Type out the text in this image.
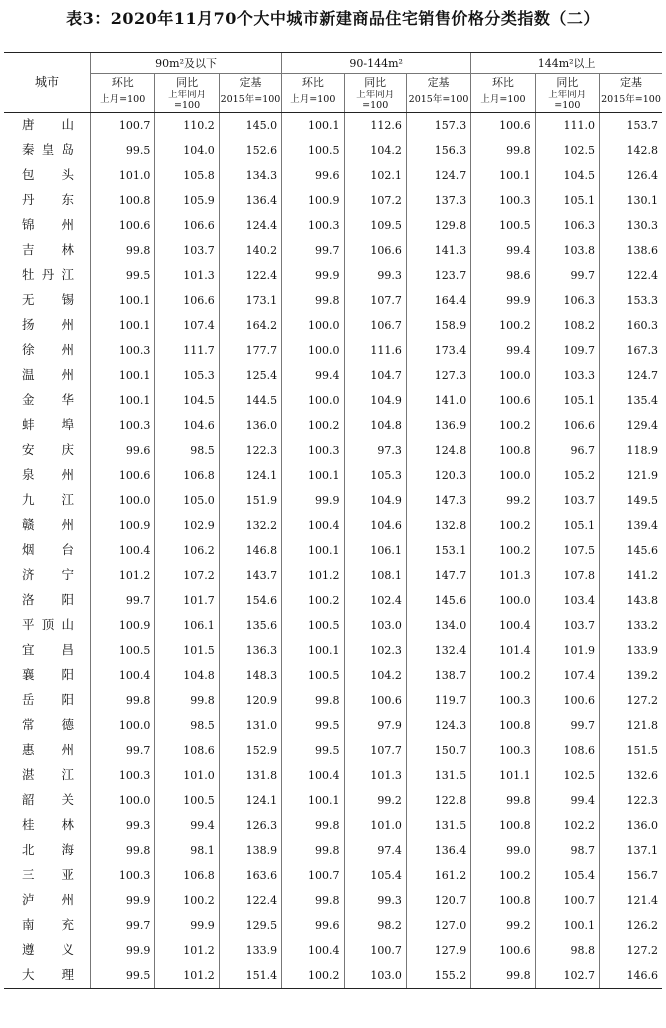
表3：2020年11月70个大中城市新建商品住宅销售价格分类指数（二）
城市	90m²及以下			90-144m²			144m²以上		
	环比	同比	定基	环比	同比	定基	环比	同比	定基
	上月=100	上年同月=100	2015年=100	上月=100	上年同月=100	2015年=100	上月=100	上年同月=100	2015年=100
唐山	100.7	110.2	145.0	100.1	112.6	157.3	100.6	111.0	153.7
秦皇岛	99.5	104.0	152.6	100.5	104.2	156.3	99.8	102.5	142.8
包头	101.0	105.8	134.3	99.6	102.1	124.7	100.1	104.5	126.4
丹东	100.8	105.9	136.4	100.9	107.2	137.3	100.3	105.1	130.1
锦州	100.6	106.6	124.4	100.3	109.5	129.8	100.5	106.3	130.3
吉林	99.8	103.7	140.2	99.7	106.6	141.3	99.4	103.8	138.6
牡丹江	99.5	101.3	122.4	99.9	99.3	123.7	98.6	99.7	122.4
无锡	100.1	106.6	173.1	99.8	107.7	164.4	99.9	106.3	153.3
扬州	100.1	107.4	164.2	100.0	106.7	158.9	100.2	108.2	160.3
徐州	100.3	111.7	177.7	100.0	111.6	173.4	99.4	109.7	167.3
温州	100.1	105.3	125.4	99.4	104.7	127.3	100.0	103.3	124.7
金华	100.1	104.5	144.5	100.0	104.9	141.0	100.6	105.1	135.4
蚌埠	100.3	104.6	136.0	100.2	104.8	136.9	100.2	106.6	129.4
安庆	99.6	98.5	122.3	100.3	97.3	124.8	100.8	96.7	118.9
泉州	100.6	106.8	124.1	100.1	105.3	120.3	100.0	105.2	121.9
九江	100.0	105.0	151.9	99.9	104.9	147.3	99.2	103.7	149.5
赣州	100.9	102.9	132.2	100.4	104.6	132.8	100.2	105.1	139.4
烟台	100.4	106.2	146.8	100.1	106.1	153.1	100.2	107.5	145.6
济宁	101.2	107.2	143.7	101.2	108.1	147.7	101.3	107.8	141.2
洛阳	99.7	101.7	154.6	100.2	102.4	145.6	100.0	103.4	143.8
平顶山	100.9	106.1	135.6	100.5	103.0	134.0	100.4	103.7	133.2
宜昌	100.5	101.5	136.3	100.1	102.3	132.4	101.4	101.9	133.9
襄阳	100.4	104.8	148.3	100.5	104.2	138.7	100.2	107.4	139.2
岳阳	99.8	99.8	120.9	99.8	100.6	119.7	100.3	100.6	127.2
常德	100.0	98.5	131.0	99.5	97.9	124.3	100.8	99.7	121.8
惠州	99.7	108.6	152.9	99.5	107.7	150.7	100.3	108.6	151.5
湛江	100.3	101.0	131.8	100.4	101.3	131.5	101.1	102.5	132.6
韶关	100.0	100.5	124.1	100.1	99.2	122.8	99.8	99.4	122.3
桂林	99.3	99.4	126.3	99.8	101.0	131.5	100.8	102.2	136.0
北海	99.8	98.1	138.9	99.8	97.4	136.4	99.0	98.7	137.1
三亚	100.3	106.8	163.6	100.7	105.4	161.2	100.2	105.4	156.7
泸州	99.9	100.2	122.4	99.8	99.3	120.7	100.8	100.7	121.4
南充	99.7	99.9	129.5	99.6	98.2	127.0	99.2	100.1	126.2
遵义	99.9	101.2	133.9	100.4	100.7	127.9	100.6	98.8	127.2
大理	99.5	101.2	151.4	100.2	103.0	155.2	99.8	102.7	146.6
